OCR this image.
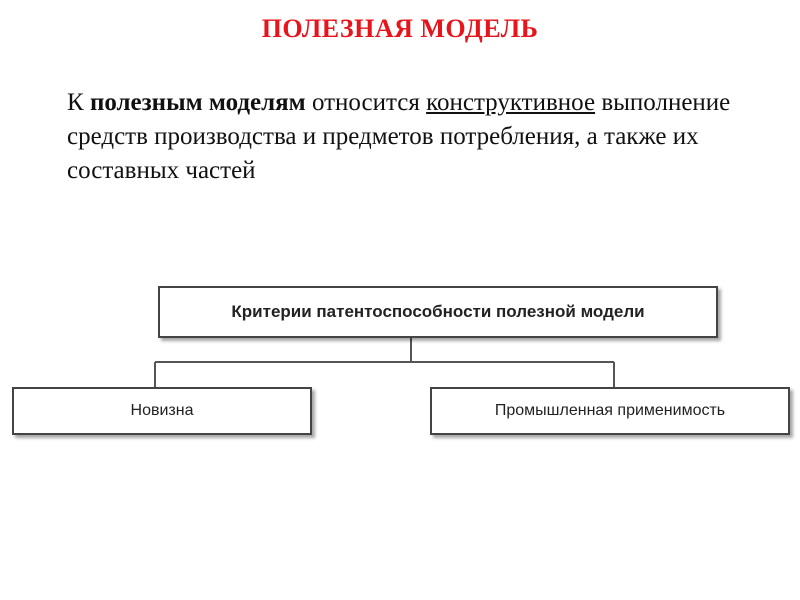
ПОЛЕЗНАЯ МОДЕЛЬ
К полезным моделям относится конструктивное выполнение средств производства и предметов потребления, а также их составных частей
Критерии патентоспособности полезной модели
Новизна	Промышленная применимость
